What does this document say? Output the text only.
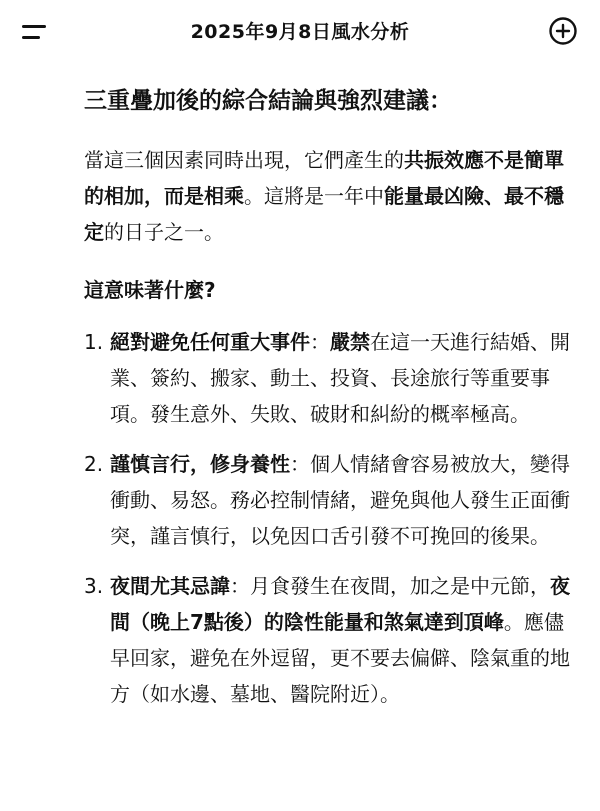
2025年9月8日風水分析
三重疊加後的綜合結論與強烈建議：

當這三個因素同時出現，它們產生的共振效應不是簡單的相加，而是相乘。這將是一年中能量最凶險、最不穩定的日子之一。

這意味著什麼?
1. 絕對避免任何重大事件：嚴禁在這一天進行結婚、開業、簽約、搬家、動土、投資、長途旅行等重要事項。發生意外、失敗、破財和糾紛的概率極高。
2. 謹慎言行，修身養性：個人情緒會容易被放大，變得衝動、易怒。務必控制情緒，避免與他人發生正面衝突，謹言慎行，以免因口舌引發不可挽回的後果。
3. 夜間尤其忌諱：月食發生在夜間，加之是中元節，夜間（晚上7點後）的陰性能量和煞氣達到頂峰。應儘早回家，避免在外逗留，更不要去偏僻、陰氣重的地方（如水邊、墓地、醫院附近）。
